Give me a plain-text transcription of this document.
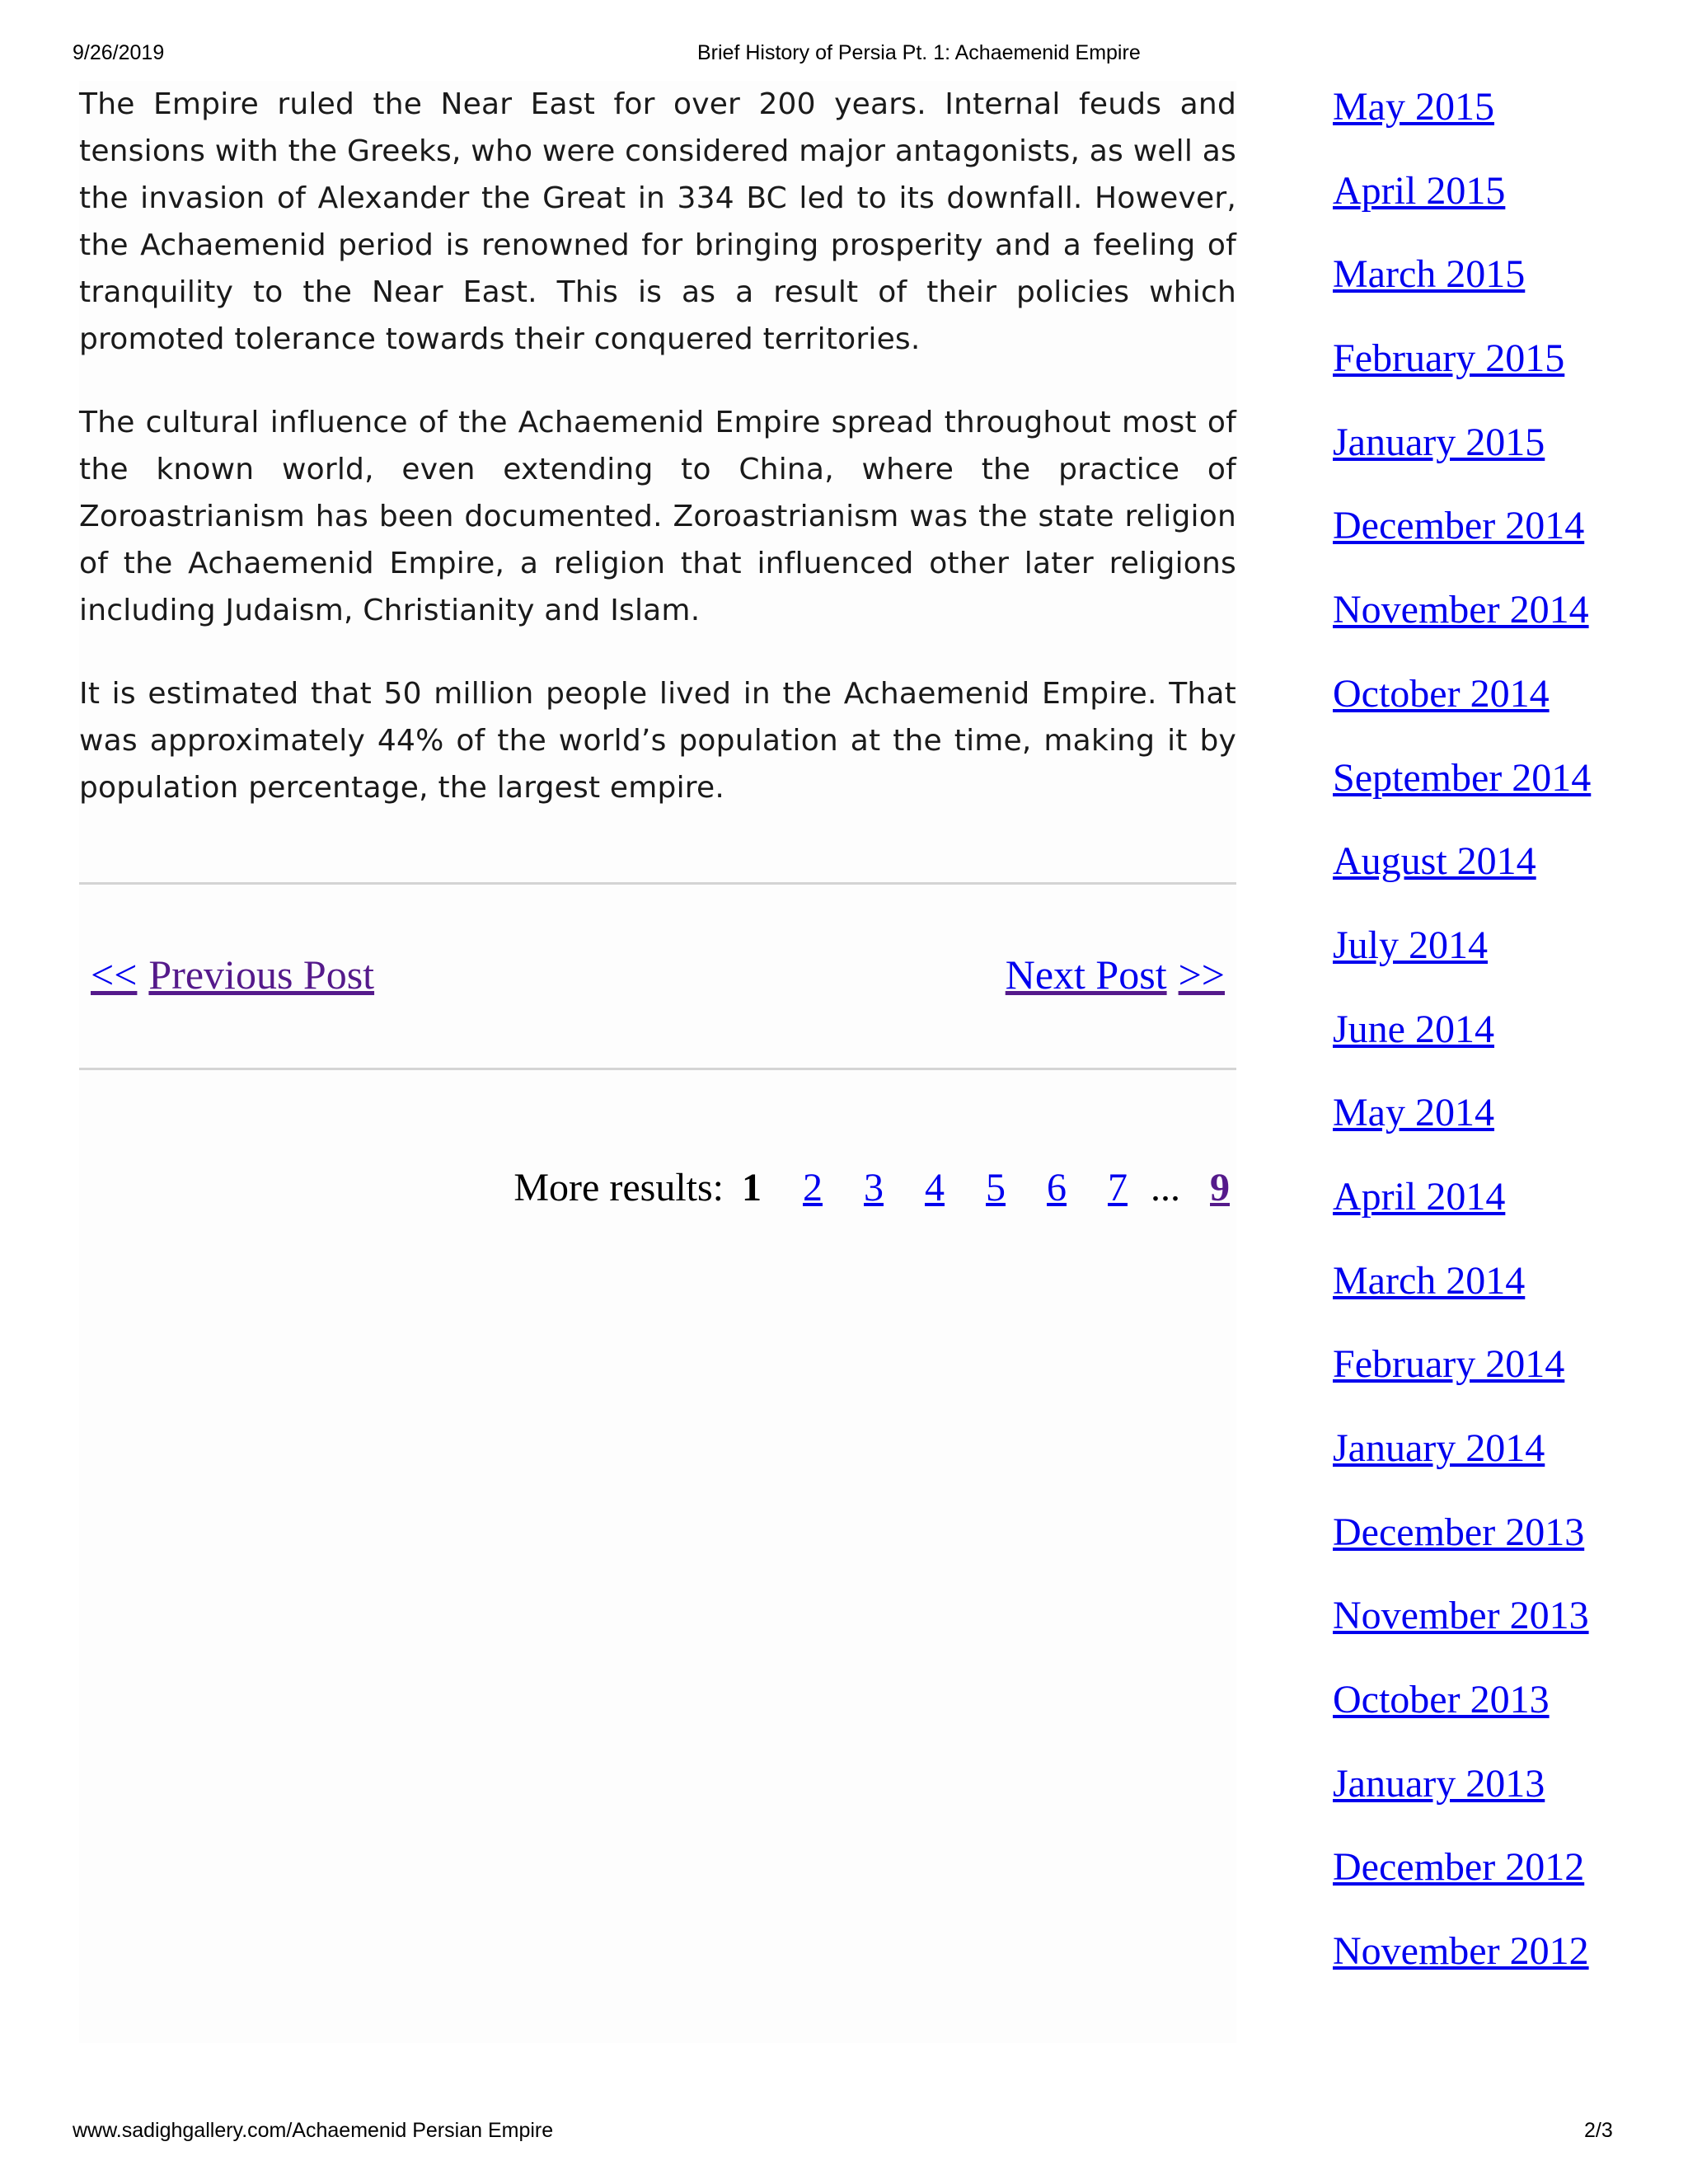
9/26/2019	Brief History of Persia Pt. 1: Achaemenid Empire

The Empire ruled the Near East for over 200 years. Internal feuds and tensions with the Greeks, who were considered major antagonists, as well as the invasion of Alexander the Great in 334 BC led to its downfall. However, the Achaemenid period is renowned for bringing prosperity and a feeling of tranquility to the Near East. This is as a result of their policies which promoted tolerance towards their conquered territories.

The cultural influence of the Achaemenid Empire spread throughout most of the known world, even extending to China, where the practice of Zoroastrianism has been documented. Zoroastrianism was the state religion of the Achaemenid Empire, a religion that influenced other later religions including Judaism, Christianity and Islam.

It is estimated that 50 million people lived in the Achaemenid Empire. That was approximately 44% of the world’s population at the time, making it by population percentage, the largest empire.

<< Previous Post	Next Post >>
More results: 1 2 3 4 5 6 7 ... 9
May 2015
April 2015
March 2015
February 2015
January 2015
December 2014
November 2014
October 2014
September 2014
August 2014
July 2014
June 2014
May 2014
April 2014
March 2014
February 2014
January 2014
December 2013
November 2013
October 2013
January 2013
December 2012
November 2012
www.sadighgallery.com/Achaemenid Persian Empire	2/3
